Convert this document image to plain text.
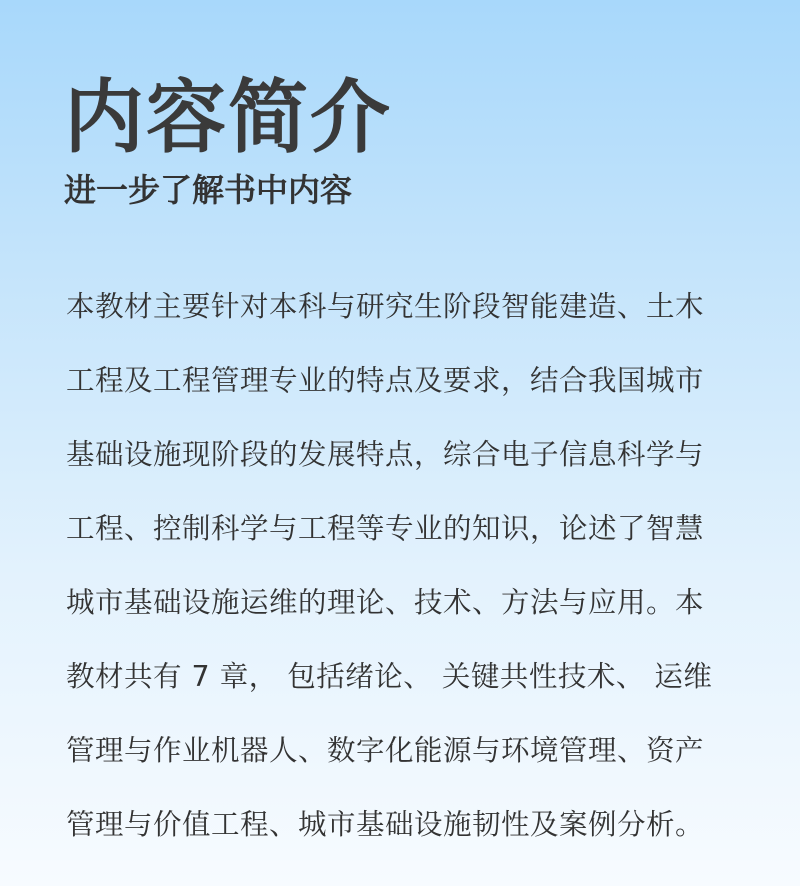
内容简介
进一步了解书中内容
本教材主要针对本科与研究生阶段智能建造、土木
工程及工程管理专业的特点及要求，结合我国城市
基础设施现阶段的发展特点，综合电子信息科学与
工程、控制科学与工程等专业的知识，论述了智慧
城市基础设施运维的理论、技术、方法与应用。本
教材共有 7 章， 包括绪论、 关键共性技术、 运维
管理与作业机器人、数字化能源与环境管理、资产
管理与价值工程、城市基础设施韧性及案例分析。
